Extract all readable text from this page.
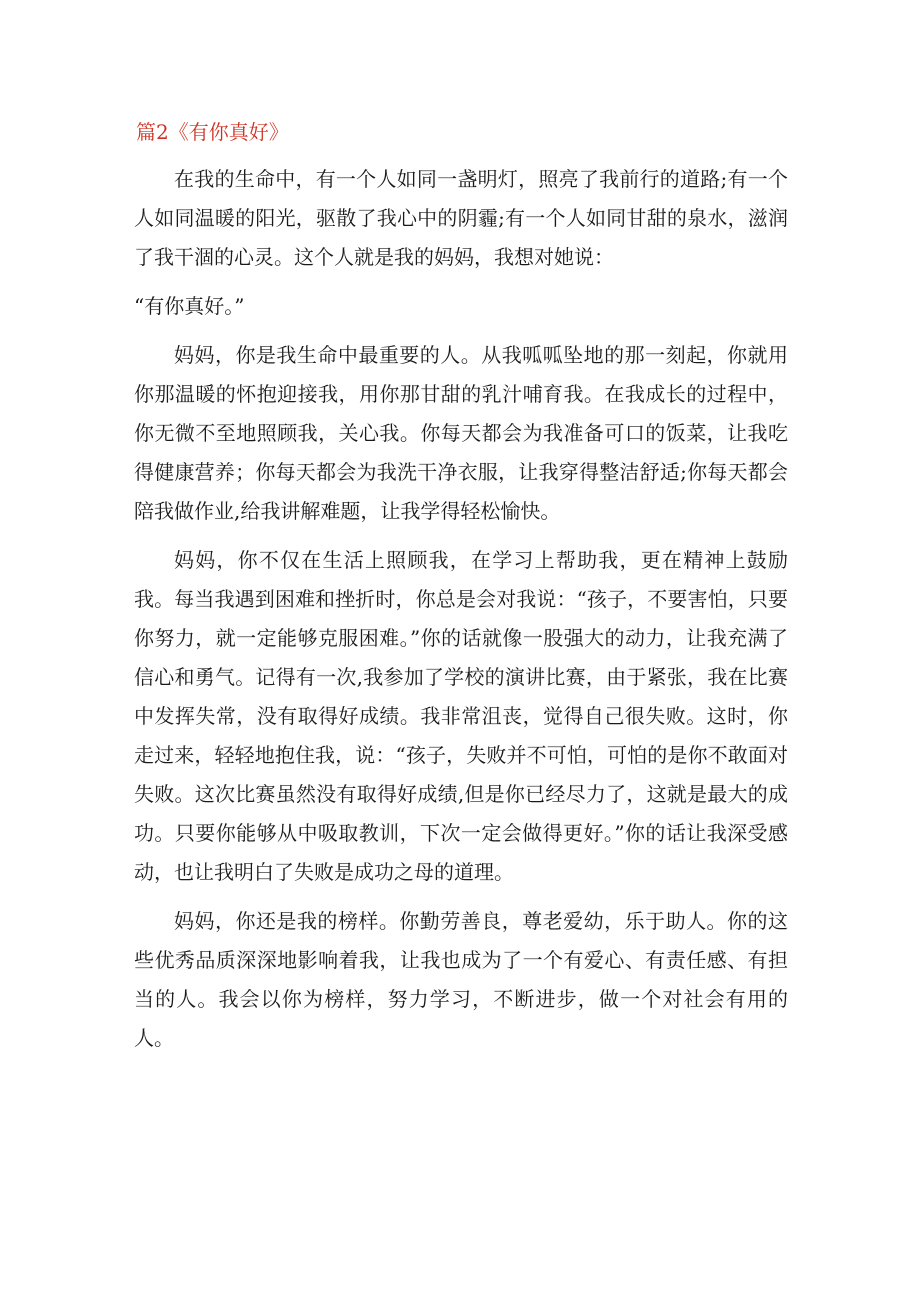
篇2《有你真好》

在我的生命中，有一个人如同一盏明灯，照亮了我前行的道路;有一个人如同温暖的阳光，驱散了我心中的阴霾;有一个人如同甘甜的泉水，滋润了我干涸的心灵。这个人就是我的妈妈，我想对她说：

“有你真好。”

妈妈，你是我生命中最重要的人。从我呱呱坠地的那一刻起，你就用你那温暖的怀抱迎接我，用你那甘甜的乳汁哺育我。在我成长的过程中，你无微不至地照顾我，关心我。你每天都会为我准备可口的饭菜，让我吃得健康营养；你每天都会为我洗干净衣服，让我穿得整洁舒适;你每天都会陪我做作业,给我讲解难题，让我学得轻松愉快。

妈妈，你不仅在生活上照顾我，在学习上帮助我，更在精神上鼓励我。每当我遇到困难和挫折时，你总是会对我说：“孩子，不要害怕，只要你努力，就一定能够克服困难。”你的话就像一股强大的动力，让我充满了信心和勇气。记得有一次,我参加了学校的演讲比赛，由于紧张，我在比赛中发挥失常，没有取得好成绩。我非常沮丧，觉得自己很失败。这时，你走过来，轻轻地抱住我，说：“孩子，失败并不可怕，可怕的是你不敢面对失败。这次比赛虽然没有取得好成绩,但是你已经尽力了，这就是最大的成功。只要你能够从中吸取教训，下次一定会做得更好。”你的话让我深受感动，也让我明白了失败是成功之母的道理。

妈妈，你还是我的榜样。你勤劳善良，尊老爱幼，乐于助人。你的这些优秀品质深深地影响着我，让我也成为了一个有爱心、有责任感、有担当的人。我会以你为榜样，努力学习，不断进步，做一个对社会有用的人。
